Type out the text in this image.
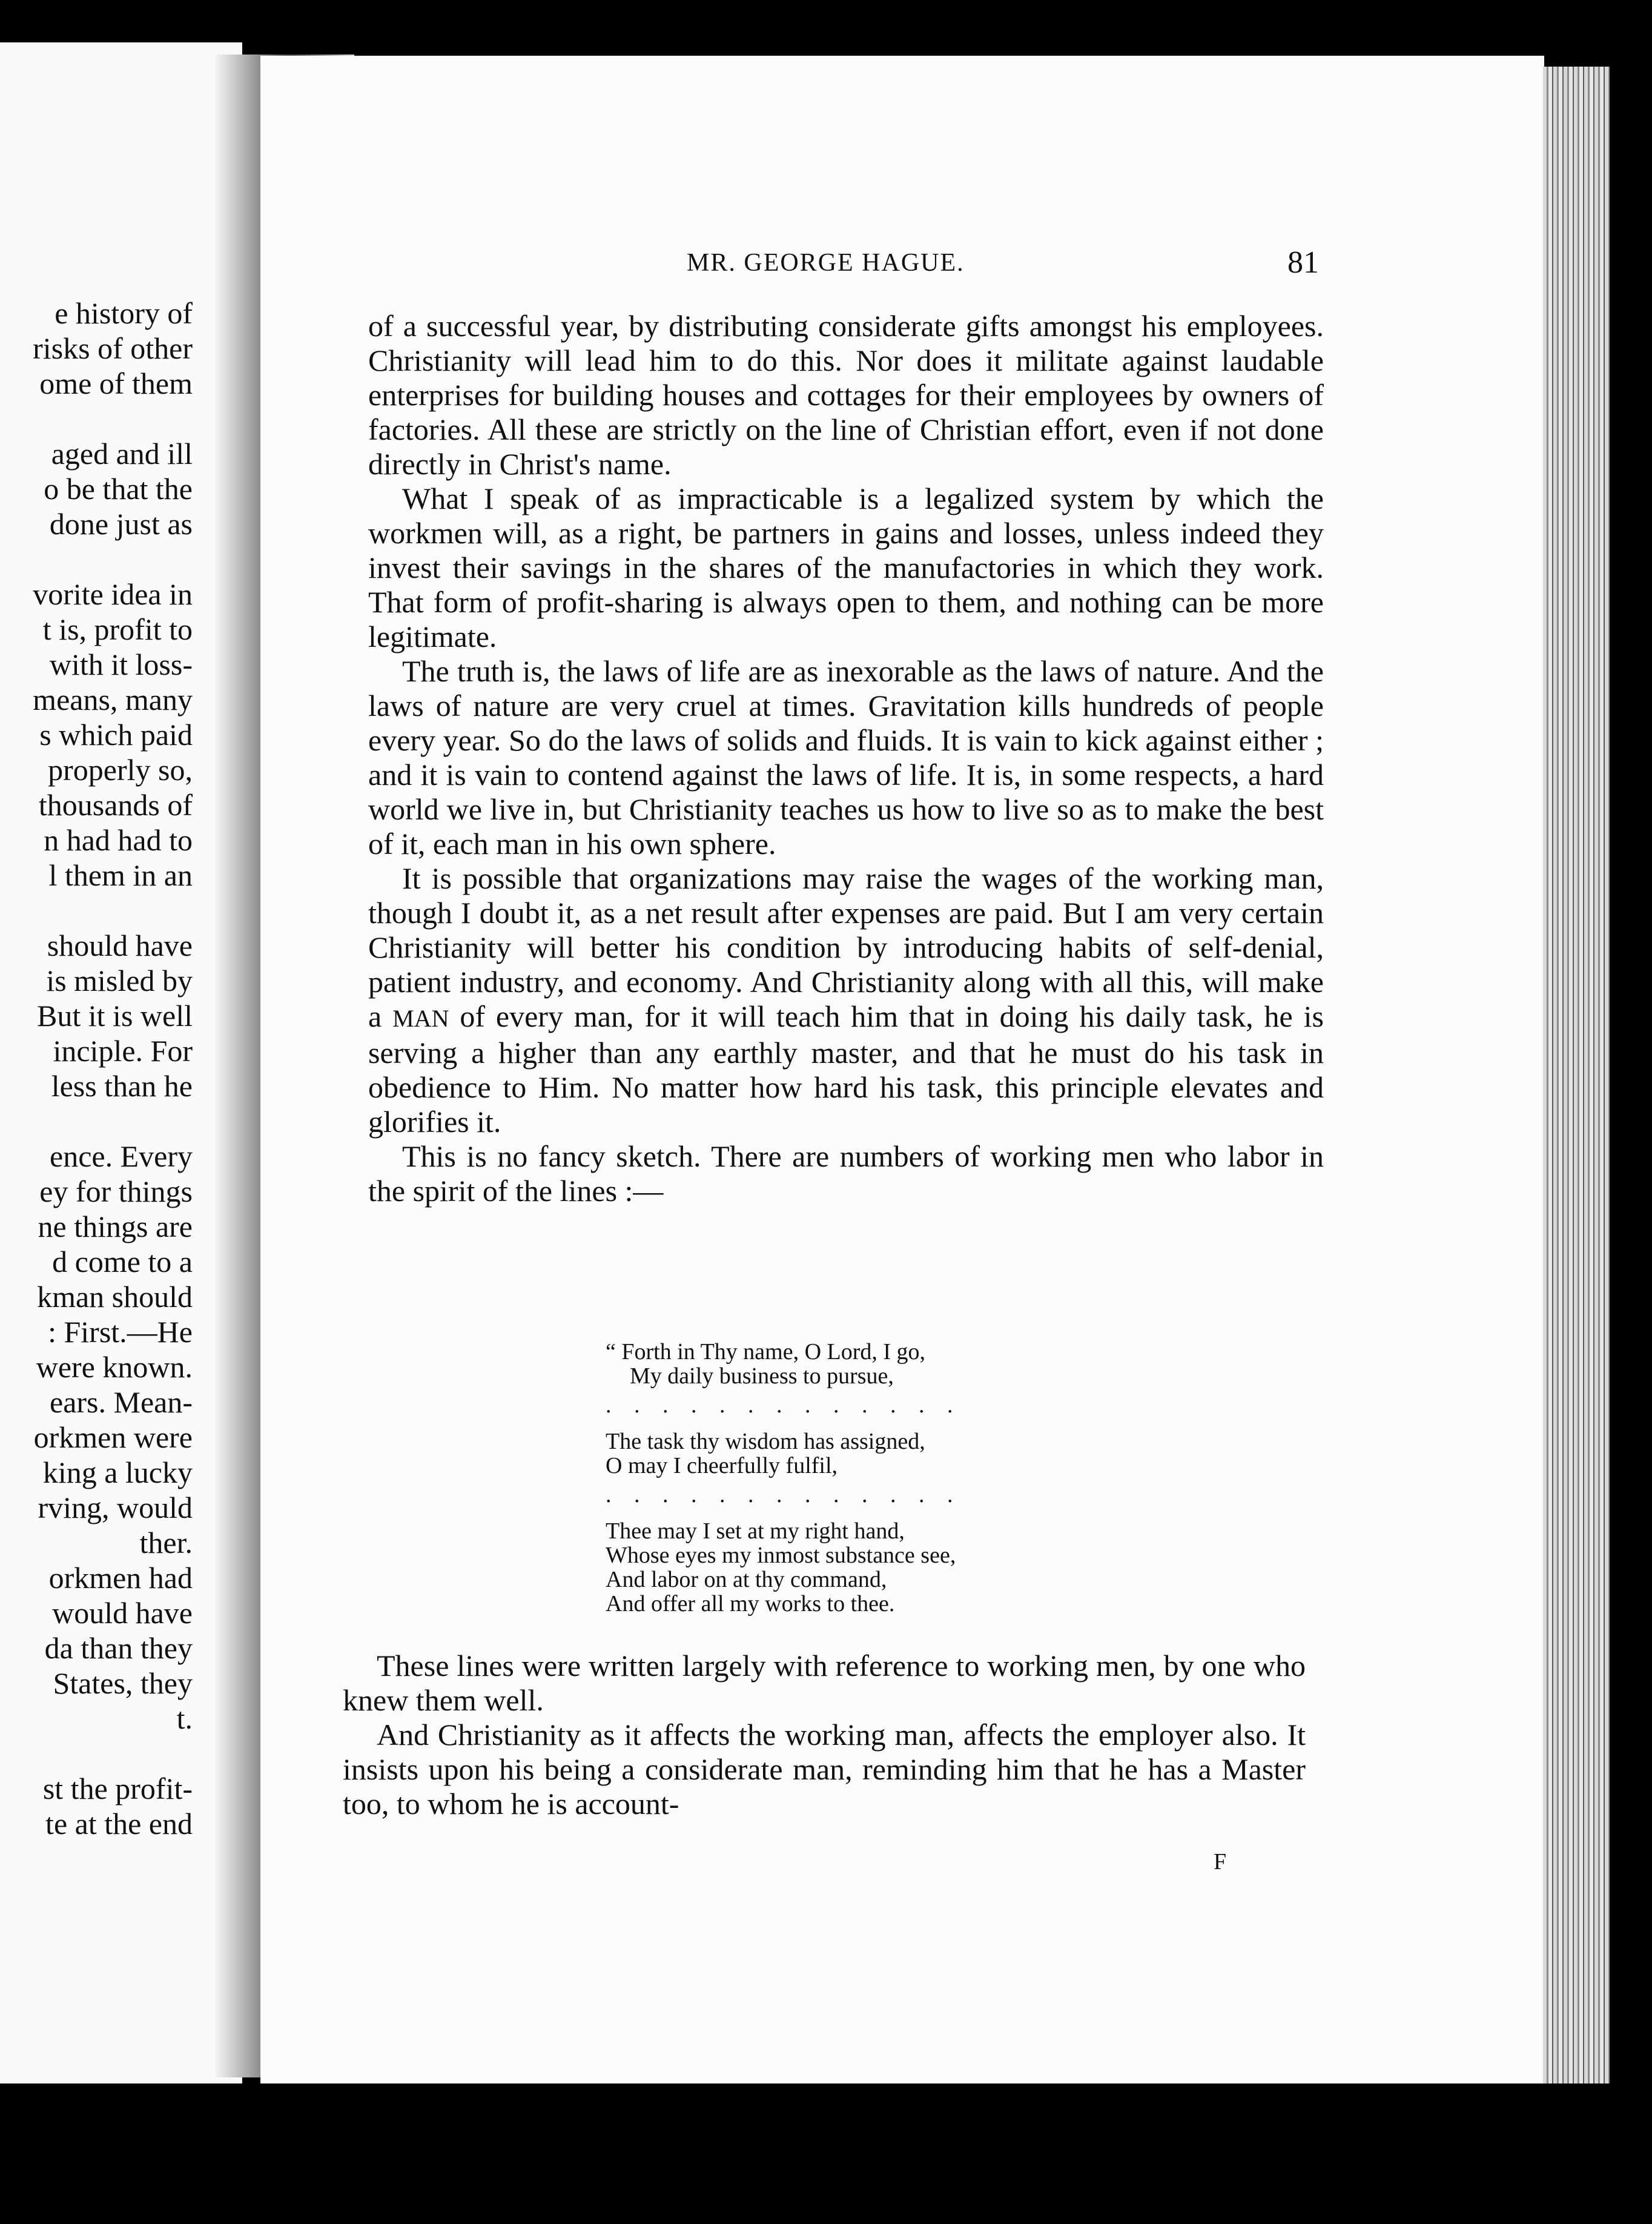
e history of
risks of other
ome of them
aged and ill
o be that the
done just as
vorite idea in
t is, profit to
with it loss-
means, many
s which paid
properly so,
thousands of
n had had to
l them in an
should have
is misled by
But it is well
inciple. For
less than he
ence. Every
ey for things
ne things are
d come to a
kman should
: First.—He
were known.
ears. Mean-
orkmen were
king a lucky
rving, would
ther.
orkmen had
would have
da than they
States, they
t.
st the profit-
te at the end
MR. GEORGE HAGUE.	81

of a successful year, by distributing considerate gifts amongst his employees. Christianity will lead him to do this. Nor does it militate against laudable enterprises for building houses and cottages for their employees by owners of factories. All these are strictly on the line of Christian effort, even if not done directly in Christ's name.

What I speak of as impracticable is a legalized system by which the workmen will, as a right, be partners in gains and losses, unless indeed they invest their savings in the shares of the manufactories in which they work. That form of profit-sharing is always open to them, and nothing can be more legitimate.

The truth is, the laws of life are as inexorable as the laws of nature. And the laws of nature are very cruel at times. Gravitation kills hundreds of people every year. So do the laws of solids and fluids. It is vain to kick against either ; and it is vain to contend against the laws of life. It is, in some respects, a hard world we live in, but Christianity teaches us how to live so as to make the best of it, each man in his own sphere.

It is possible that organizations may raise the wages of the working man, though I doubt it, as a net result after expenses are paid. But I am very certain Christianity will better his condition by introducing habits of self-denial, patient industry, and economy. And Christianity along with all this, will make a MAN of every man, for it will teach him that in doing his daily task, he is serving a higher than any earthly master, and that he must do his task in obedience to Him. No matter how hard his task, this principle elevates and glorifies it.

This is no fancy sketch. There are numbers of working men who labor in the spirit of the lines :—

“ Forth in Thy name, O Lord, I go,
My daily business to pursue,
. . . . . . . . . . . . .
The task thy wisdom has assigned,
O may I cheerfully fulfil,
. . . . . . . . . . . . .
Thee may I set at my right hand,
Whose eyes my inmost substance see,
And labor on at thy command,
And offer all my works to thee.

These lines were written largely with reference to working men, by one who knew them well.

And Christianity as it affects the working man, affects the employer also. It insists upon his being a considerate man, reminding him that he has a Master too, to whom he is account-

F
